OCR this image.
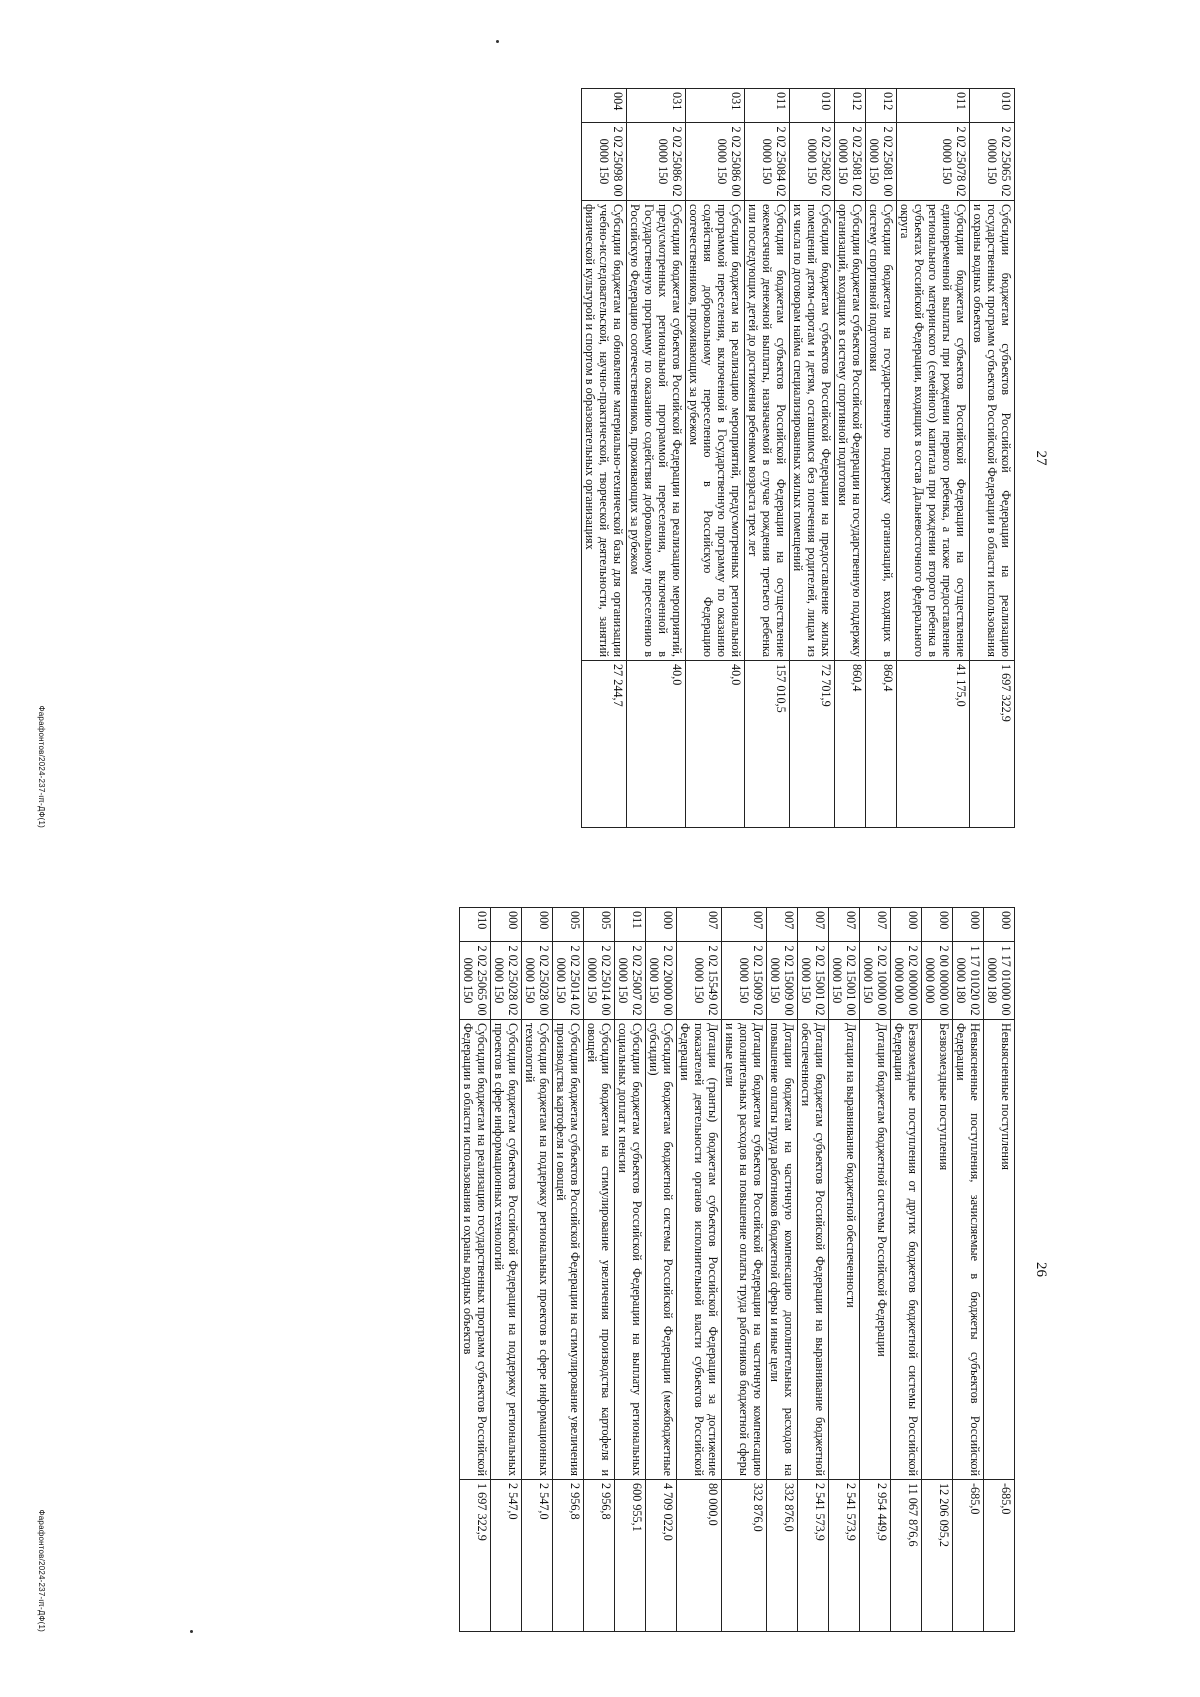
26
000	1 17 01000 00 0000 180	Невыясненные поступления	-685,0
000	1 17 01020 02 0000 180	Невыясненные поступления, зачисляемые в бюджеты субъектов Российской Федерации	-685,0
000	2 00 00000 00 0000 000	Безвозмездные поступления	12 206 095,2
000	2 02 00000 00 0000 000	Безвозмездные поступления от других бюджетов бюджетной системы Российской Федерации	11 067 876,6
007	2 02 10000 00 0000 150	Дотации бюджетам бюджетной системы Российской Федерации	2 954 449,9
007	2 02 15001 00 0000 150	Дотации на выравнивание бюджетной обеспеченности	2 541 573,9
007	2 02 15001 02 0000 150	Дотации бюджетам субъектов Российской Федерации на выравнивание бюджетной обеспеченности	2 541 573,9
007	2 02 15009 00 0000 150	Дотации бюджетам на частичную компенсацию дополнительных расходов на повышение оплаты труда работников бюджетной сферы и иные цели	332 876,0
007	2 02 15009 02 0000 150	Дотации бюджетам субъектов Российской Федерации на частичную компенсацию дополнительных расходов на повышение оплаты труда работников бюджетной сферы и иные цели	332 876,0
007	2 02 15549 02 0000 150	Дотации (гранты) бюджетам субъектов Российской Федерации за достижение показателей деятельности органов исполнительной власти субъектов Российской Федерации	80 000,0
000	2 02 20000 00 0000 150	Субсидии бюджетам бюджетной системы Российской Федерации (межбюджетные субсидии)	4 709 022,0
011	2 02 25007 02 0000 150	Субсидии бюджетам субъектов Российской Федерации на выплату региональных социальных доплат к пенсии	600 955,1
005	2 02 25014 00 0000 150	Субсидии бюджетам на стимулирование увеличения производства картофеля и овощей	2 956,8
005	2 02 25014 02 0000 150	Субсидии бюджетам субъектов Российской Федерации на стимулирование увеличения производства картофеля и овощей	2 956,8
000	2 02 25028 00 0000 150	Субсидии бюджетам на поддержку региональных проектов в сфере информационных технологий	2 547,0
000	2 02 25028 02 0000 150	Субсидии бюджетам субъектов Российской Федерации на поддержку региональных проектов в сфере информационных технологий	2 547,0
010	2 02 25065 00 0000 150	Субсидии бюджетам на реализацию государственных программ субъектов Российской Федерации в области использования и охраны водных объектов	1 697 322,9
Фарафонтов/2024-237-ιπ-ДФ(1)
27
010	2 02 25065 02 0000 150	Субсидии бюджетам субъектов Российской Федерации на реализацию государственных программ субъектов Российской Федерации в области использования и охраны водных объектов	1 697 322,9
011	2 02 25078 02 0000 150	Субсидии бюджетам субъектов Российской Федерации на осуществление единовременной выплаты при рождении первого ребенка, а также предоставление регионального материнского (семейного) капитала при рождении второго ребенка в субъектах Российской Федерации, входящих в состав Дальневосточного федерального округа	41 175,0
012	2 02 25081 00 0000 150	Субсидии бюджетам на государственную поддержку организаций, входящих в систему спортивной подготовки	860,4
012	2 02 25081 02 0000 150	Субсидии бюджетам субъектов Российской Федерации на государственную поддержку организаций, входящих в систему спортивной подготовки	860,4
010	2 02 25082 02 0000 150	Субсидии бюджетам субъектов Российской Федерации на предоставление жилых помещений детям-сиротам и детям, оставшимся без попечения родителей, лицам из их числа по договорам найма специализированных жилых помещений	72 701,9
011	2 02 25084 02 0000 150	Субсидии бюджетам субъектов Российской Федерации на осуществление ежемесячной денежной выплаты, назначаемой в случае рождения третьего ребенка или последующих детей до достижения ребенком возраста трех лет	157 010,5
031	2 02 25086 00 0000 150	Субсидии бюджетам на реализацию мероприятий, предусмотренных региональной программой переселения, включенной в Государственную программу по оказанию содействия добровольному переселению в Российскую Федерацию соотечественников, проживающих за рубежом	40,0
031	2 02 25086 02 0000 150	Субсидии бюджетам субъектов Российской Федерации на реализацию мероприятий, предусмотренных региональной программой переселения, включенной в Государственную программу по оказанию содействия добровольному переселению в Российскую Федерацию соотечественников, проживающих за рубежом	40,0
004	2 02 25098 00 0000 150	Субсидии бюджетам на обновление материально-технической базы для организации учебно-исследовательской, научно-практической, творческой деятельности, занятий физической культурой и спортом в образовательных организациях	27 244,7
Фарафонтов/2024-237-ιπ-ДФ(1)
